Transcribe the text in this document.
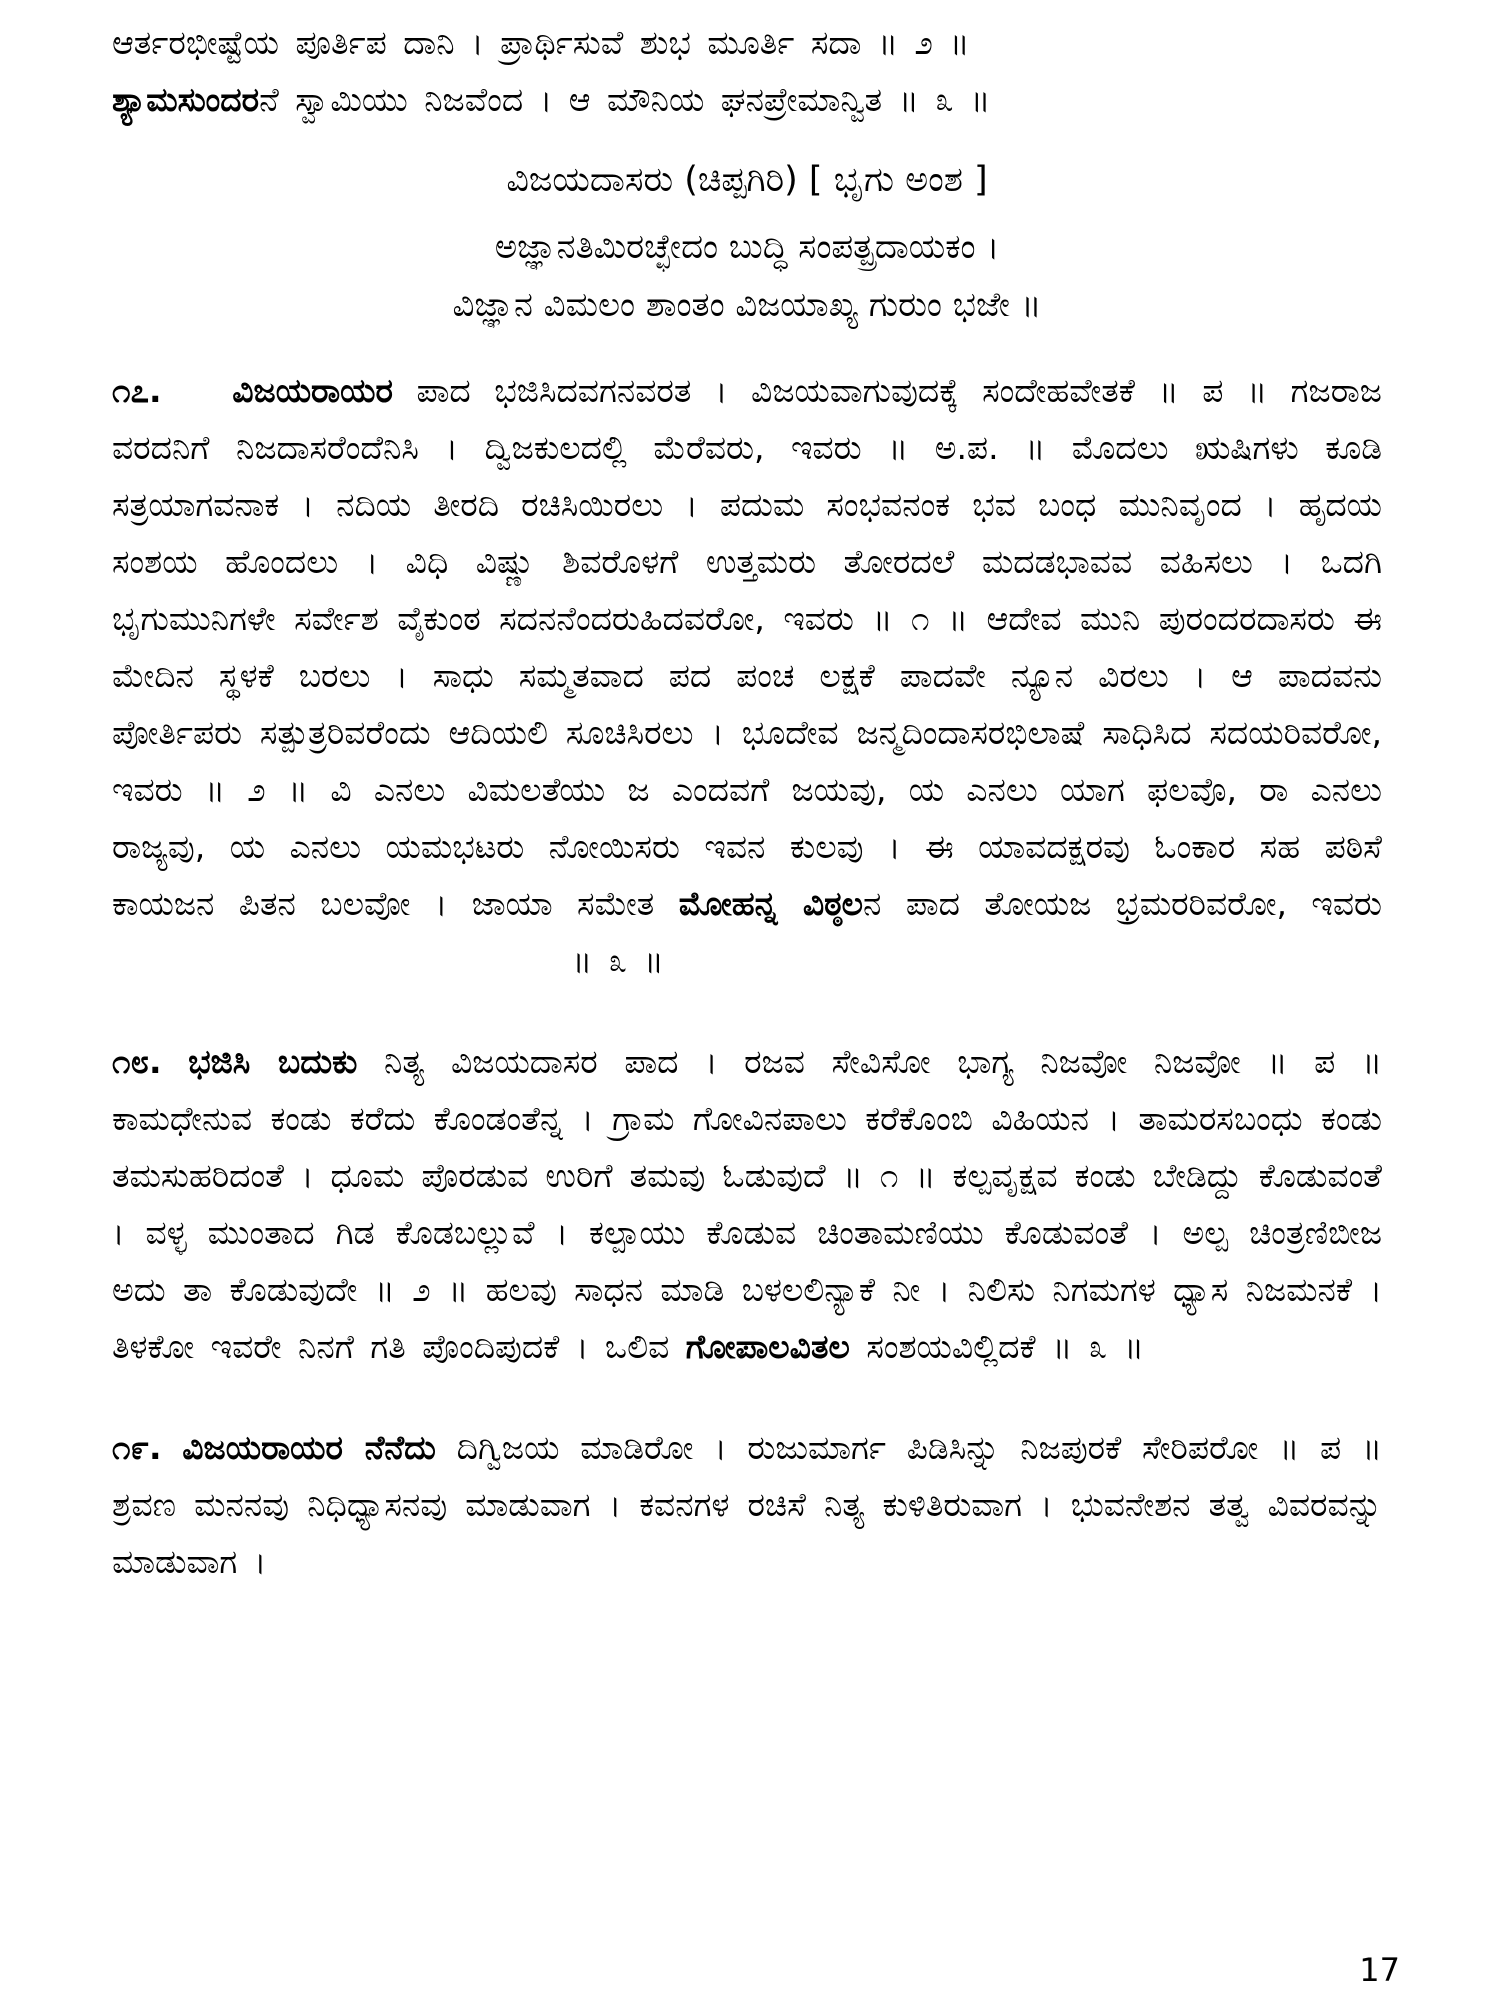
ಆರ್ತರಭೀಷ್ಟೆಯ ಪೂರ್ತಿಪ ದಾನಿ । ಪ್ರಾರ್ಥಿಸುವೆ ಶುಭ ಮೂರ್ತಿ ಸದಾ ॥ ೨ ॥
ಶ್ಯಾಮಸುಂದರನೆ ಸ್ವಾಮಿಯು ನಿಜವೆಂದ । ಆ ಮೌನಿಯ ಘನಪ್ರೇಮಾನ್ವಿತ ॥ ೩ ॥

ವಿಜಯದಾಸರು (ಚಿಪ್ಪಗಿರಿ) [ ಭೃಗು ಅಂಶ ]

ಅಜ್ಞಾನತಿಮಿರಚ್ಛೇದಂ ಬುದ್ಧಿ ಸಂಪತ್ಪ್ರದಾಯಕಂ ।
ವಿಜ್ಞಾನ ವಿಮಲಂ ಶಾಂತಂ ವಿಜಯಾಖ್ಯ ಗುರುಂ ಭಜೇ ॥

೧೭. ವಿಜಯರಾಯರ ಪಾದ ಭಜಿಸಿದವಗನವರತ । ವಿಜಯವಾಗುವುದಕ್ಕೆ ಸಂದೇಹವೇತಕೆ ॥ ಪ ॥ ಗಜರಾಜ ವರದನಿಗೆ ನಿಜದಾಸರೆಂದೆನಿಸಿ । ದ್ವಿಜಕುಲದಲ್ಲಿ ಮೆರೆವರು, ಇವರು ॥ ಅ.ಪ. ॥ ಮೊದಲು ಋಷಿಗಳು ಕೂಡಿ ಸತ್ರಯಾಗವನಾಕ । ನದಿಯ ತೀರದಿ ರಚಿಸಿಯಿರಲು । ಪದುಮ ಸಂಭವನಂಕ ಭವ ಬಂಧ ಮುನಿವೃಂದ । ಹೃದಯ ಸಂಶಯ ಹೊಂದಲು । ವಿಧಿ ವಿಷ್ಣು ಶಿವರೊಳಗೆ ಉತ್ತಮರು ತೋರದಲೆ ಮದಡಭಾವವ ವಹಿಸಲು । ಒದಗಿ ಭೃಗುಮುನಿಗಳೇ ಸರ್ವೇಶ ವೈಕುಂಠ ಸದನನೆಂದರುಹಿದವರೋ, ಇವರು ॥ ೧ ॥ ಆದೇವ ಮುನಿ ಪುರಂದರದಾಸರು ಈ ಮೇದಿನ ಸ್ಥಳಕೆ ಬರಲು । ಸಾಧು ಸಮ್ಮತವಾದ ಪದ ಪಂಚ ಲಕ್ಷಕೆ ಪಾದವೇ ನ್ಯೂನ ವಿರಲು । ಆ ಪಾದವನು ಪೋರ್ತಿಪರು ಸತ್ಪುತ್ರರಿವರೆಂದು ಆದಿಯಲಿ ಸೂಚಿಸಿರಲು । ಭೂದೇವ ಜನ್ಮದಿಂದಾಸರಭಿಲಾಷೆ ಸಾಧಿಸಿದ ಸದಯರಿವರೋ, ಇವರು ॥ ೨ ॥ ವಿ ಎನಲು ವಿಮಲತೆಯು ಜ ಎಂದವಗೆ ಜಯವು, ಯ ಎನಲು ಯಾಗ ಫಲವೊ, ರಾ ಎನಲು ರಾಜ್ಯವು, ಯ ಎನಲು ಯಮಭಟರು ನೋಯಿಸರು ಇವನ ಕುಲವು । ಈ ಯಾವದಕ್ಷರವು ಓಂಕಾರ ಸಹ ಪಠಿಸೆ ಕಾಯಜನ ಪಿತನ ಬಲವೋ । ಜಾಯಾ ಸಮೇತ ಮೋಹನ್ನ ವಿಠ್ಠಲನ ಪಾದ ತೋಯಜ ಭ್ರಮರರಿವರೋ, ಇವರು॥ ೩ ॥

೧೮. ಭಜಿಸಿ ಬದುಕು ನಿತ್ಯ ವಿಜಯದಾಸರ ಪಾದ । ರಜವ ಸೇವಿಸೋ ಭಾಗ್ಯ ನಿಜವೋ ನಿಜವೋ ॥ ಪ ॥ ಕಾಮಧೇನುವ ಕಂಡು ಕರೆದು ಕೊಂಡಂತೆನ್ನ । ಗ್ರಾಮ ಗೋವಿನಪಾಲು ಕರೆಕೊಂಬಿ ವಿಹಿಯನ । ತಾಮರಸಬಂಧು ಕಂಡು ತಮಸುಹರಿದಂತೆ । ಧೂಮ ಪೊರಡುವ ಉರಿಗೆ ತಮವು ಓಡುವುದೆ ॥ ೧ ॥ ಕಲ್ಪವೃಕ್ಷವ ಕಂಡು ಬೇಡಿದ್ದು ಕೊಡುವಂತೆ । ವಳ್ಳ ಮುಂತಾದ ಗಿಡ ಕೊಡಬಲ್ಲುವೆ । ಕಲ್ಪಾಯು ಕೊಡುವ ಚಿಂತಾಮಣಿಯು ಕೊಡುವಂತೆ । ಅಲ್ಪ ಚಿಂತ್ರಣಿಬೀಜ ಅದು ತಾ ಕೊಡುವುದೇ ॥ ೨ ॥ ಹಲವು ಸಾಧನ ಮಾಡಿ ಬಳಲಲಿನ್ಯಾಕೆ ನೀ । ನಿಲಿಸು ನಿಗಮಗಳ ಧ್ಯಾಸ ನಿಜಮನಕೆ । ತಿಳಕೋ ಇವರೇ ನಿನಗೆ ಗತಿ ಪೊಂದಿಪುದಕೆ । ಒಲಿವ ಗೋಪಾಲವಿತಲ ಸಂಶಯವಿಲ್ಲಿದಕೆ ॥ ೩ ॥

೧೯. ವಿಜಯರಾಯರ ನೆನೆದು ದಿಗ್ವಿಜಯ ಮಾಡಿರೋ । ರುಜುಮಾರ್ಗ ಪಿಡಿಸಿನ್ನು ನಿಜಪುರಕೆ ಸೇರಿಪರೋ ॥ ಪ ॥ ಶ್ರವಣ ಮನನವು ನಿಧಿಧ್ಯಾಸನವು ಮಾಡುವಾಗ । ಕವನಗಳ ರಚಿಸೆ ನಿತ್ಯ ಕುಳಿತಿರುವಾಗ । ಭುವನೇಶನ ತತ್ವ ವಿವರವನ್ನು ಮಾಡುವಾಗ ।

17
